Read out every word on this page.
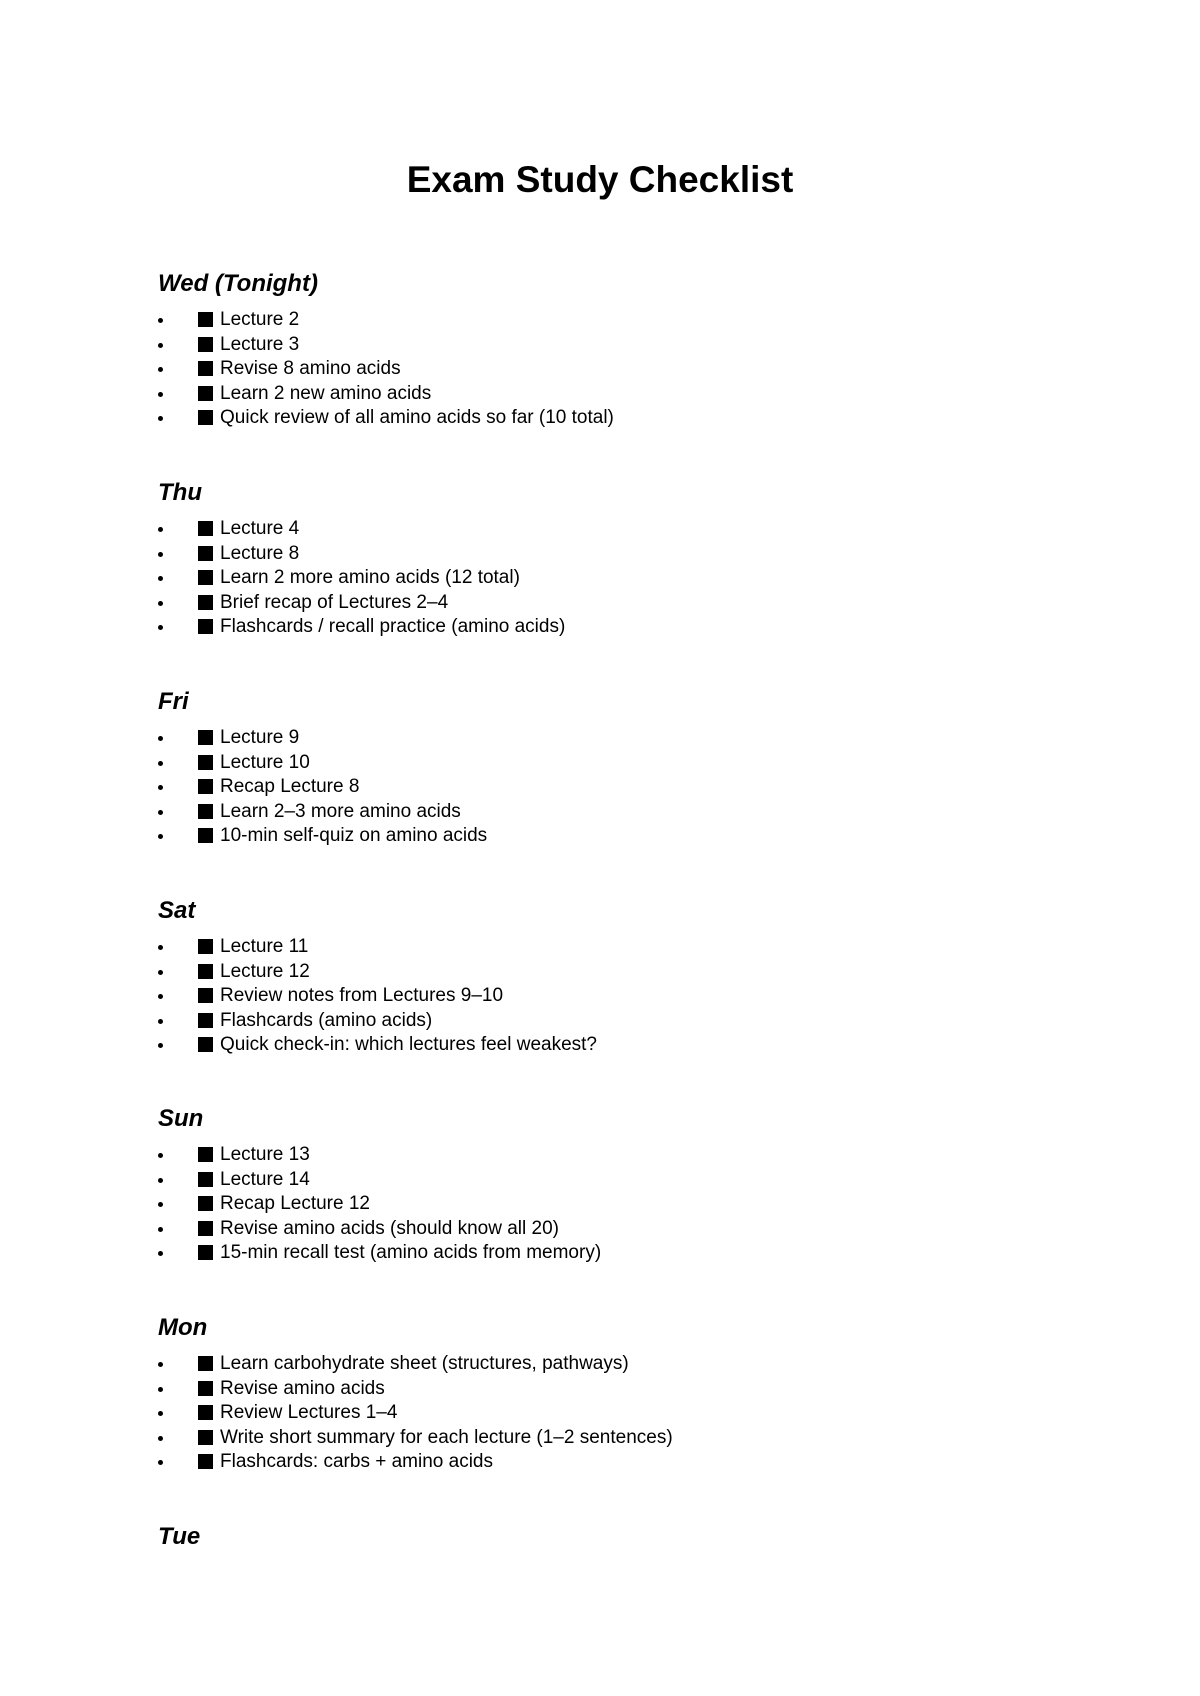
Exam Study Checklist
Wed (Tonight)
Lecture 2
Lecture 3
Revise 8 amino acids
Learn 2 new amino acids
Quick review of all amino acids so far (10 total)
Thu
Lecture 4
Lecture 8
Learn 2 more amino acids (12 total)
Brief recap of Lectures 2–4
Flashcards / recall practice (amino acids)
Fri
Lecture 9
Lecture 10
Recap Lecture 8
Learn 2–3 more amino acids
10-min self-quiz on amino acids
Sat
Lecture 11
Lecture 12
Review notes from Lectures 9–10
Flashcards (amino acids)
Quick check-in: which lectures feel weakest?
Sun
Lecture 13
Lecture 14
Recap Lecture 12
Revise amino acids (should know all 20)
15-min recall test (amino acids from memory)
Mon
Learn carbohydrate sheet (structures, pathways)
Revise amino acids
Review Lectures 1–4
Write short summary for each lecture (1–2 sentences)
Flashcards: carbs + amino acids
Tue
